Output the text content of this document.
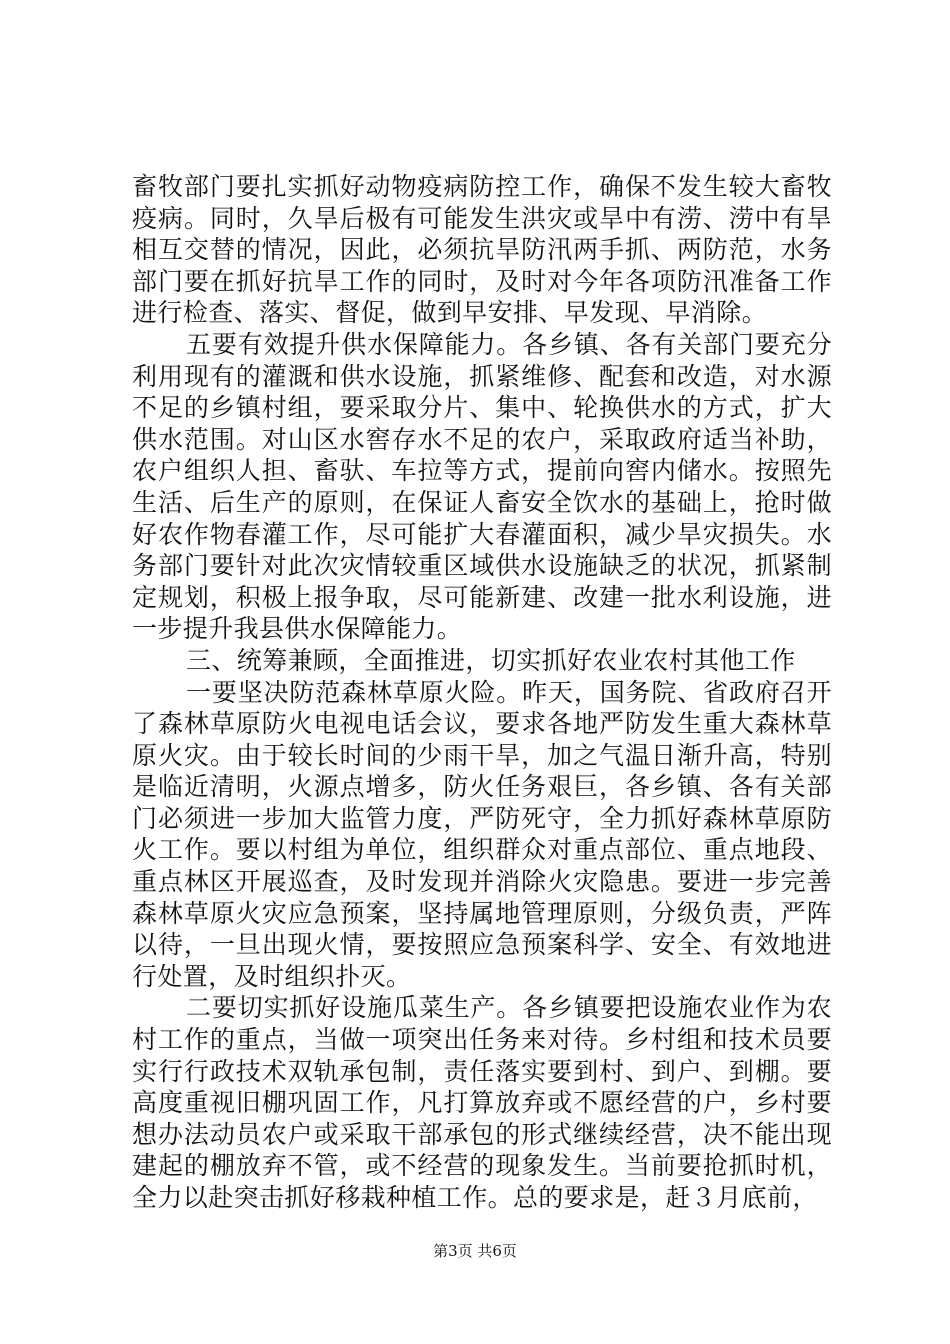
畜牧部门要扎实抓好动物疫病防控工作，确保不发生较大畜牧疫病。同时，久旱后极有可能发生洪灾或旱中有涝、涝中有旱相互交替的情况，因此，必须抗旱防汛两手抓、两防范，水务部门要在抓好抗旱工作的同时，及时对今年各项防汛准备工作进行检查、落实、督促，做到早安排、早发现、早消除。

五要有效提升供水保障能力。各乡镇、各有关部门要充分利用现有的灌溉和供水设施，抓紧维修、配套和改造，对水源不足的乡镇村组，要采取分片、集中、轮换供水的方式，扩大供水范围。对山区水窖存水不足的农户，采取政府适当补助，农户组织人担、畜驮、车拉等方式，提前向窖内储水。按照先生活、后生产的原则，在保证人畜安全饮水的基础上，抢时做好农作物春灌工作，尽可能扩大春灌面积，减少旱灾损失。水务部门要针对此次灾情较重区域供水设施缺乏的状况，抓紧制定规划，积极上报争取，尽可能新建、改建一批水利设施，进一步提升我县供水保障能力。

三、统筹兼顾，全面推进，切实抓好农业农村其他工作

一要坚决防范森林草原火险。昨天，国务院、省政府召开了森林草原防火电视电话会议，要求各地严防发生重大森林草原火灾。由于较长时间的少雨干旱，加之气温日渐升高，特别是临近清明，火源点增多，防火任务艰巨，各乡镇、各有关部门必须进一步加大监管力度，严防死守，全力抓好森林草原防火工作。要以村组为单位，组织群众对重点部位、重点地段、重点林区开展巡查，及时发现并消除火灾隐患。要进一步完善森林草原火灾应急预案，坚持属地管理原则，分级负责，严阵以待，一旦出现火情，要按照应急预案科学、安全、有效地进行处置，及时组织扑灭。

二要切实抓好设施瓜菜生产。各乡镇要把设施农业作为农村工作的重点，当做一项突出任务来对待。乡村组和技术员要实行行政技术双轨承包制，责任落实要到村、到户、到棚。要高度重视旧棚巩固工作，凡打算放弃或不愿经营的户，乡村要想办法动员农户或采取干部承包的形式继续经营，决不能出现建起的棚放弃不管，或不经营的现象发生。当前要抢抓时机，全力以赴突击抓好移栽种植工作。总的要求是，赶３月底前，

第3页 共6页
